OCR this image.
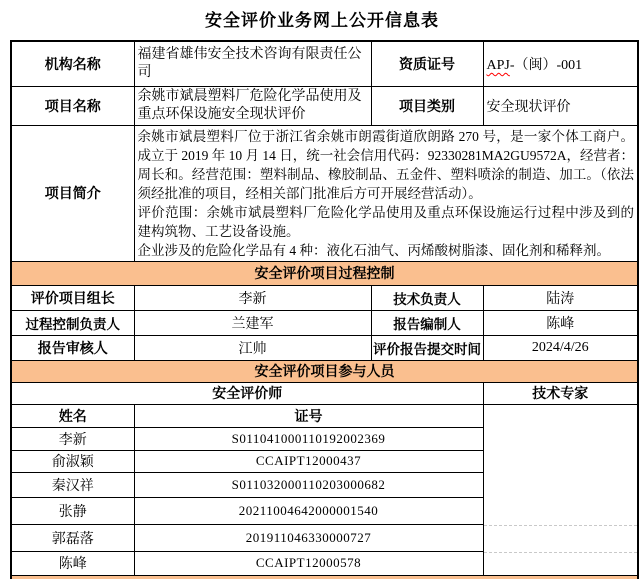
安全评价业务网上公开信息表
机构名称	福建省雄伟安全技术咨询有限责任公司	资质证号	APJ-（闽）-001
项目名称	余姚市斌晨塑料厂危险化学品使用及重点环保设施安全现状评价	项目类别	安全现状评价
项目简介	余姚市斌晨塑料厂位于浙江省余姚市朗霞街道欣朗路 270 号，是一家个体工商户。成立于 2019 年 10 月 14 日，统一社会信用代码：92330281MA2GU9572A，经营者：周长和。经营范围：塑料制品、橡胶制品、五金件、塑料喷涂的制造、加工。（依法须经批准的项目，经相关部门批准后方可开展经营活动）。
评价范围：余姚市斌晨塑料厂危险化学品使用及重点环保设施运行过程中涉及到的建构筑物、工艺设备设施。
企业涉及的危险化学品有 4 种：液化石油气、丙烯酸树脂漆、固化剂和稀释剂。		

安全评价项目过程控制			
评价项目组长	李新	技术负责人	陆涛
过程控制负责人	兰建军	报告编制人	陈峰
报告审核人	江帅	评价报告提交时间	2024/4/26
安全评价项目参与人员			
安全评价师			技术专家
姓名	证号		

李新	S011041000110192002369		
俞淑颖	CCAIPT12000437		
秦汉祥	S011032000110203000682		
张静	20211004642000001540		
郭磊落	201911046330000727		
陈峰	CCAIPT12000578		
